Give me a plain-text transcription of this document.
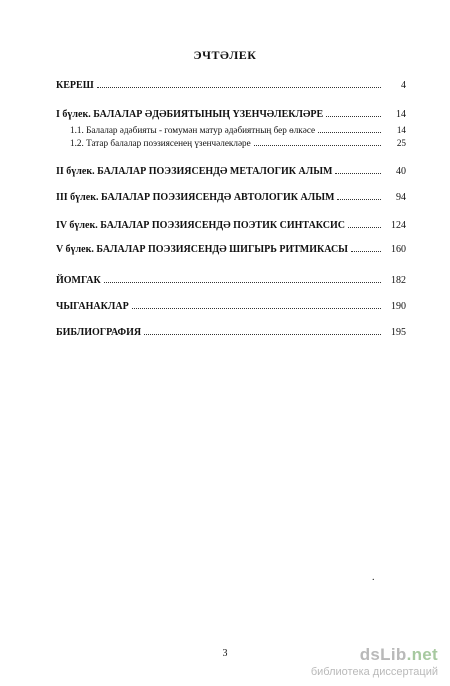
ЭЧТӘЛЕК
КЕРЕШ	4
I бүлек. БАЛАЛАР ӘДӘБИЯТЫНЫҢ ҮЗЕНЧӘЛЕКЛӘРЕ	14
1.1. Балалар әдәбияты - гомумән матур әдәбиятның бер өлкәсе	14
1.2. Татар балалар поэзиясенең үзенчәлекләре	25
II бүлек. БАЛАЛАР ПОЭЗИЯСЕНДӘ МЕТАЛОГИК АЛЫМ	40
III бүлек. БАЛАЛАР ПОЭЗИЯСЕНДӘ АВТОЛОГИК АЛЫМ	94
IV бүлек. БАЛАЛАР ПОЭЗИЯСЕНДӘ ПОЭТИК СИНТАКСИС	124
V бүлек. БАЛАЛАР ПОЭЗИЯСЕНДӘ ШИГЫРЬ РИТМИКАСЫ	160
ЙОМГАК	182
ЧЫГАНАКЛАР	190
БИБЛИОГРАФИЯ	195
.
3	dsLib.net
библиотека диссертаций
